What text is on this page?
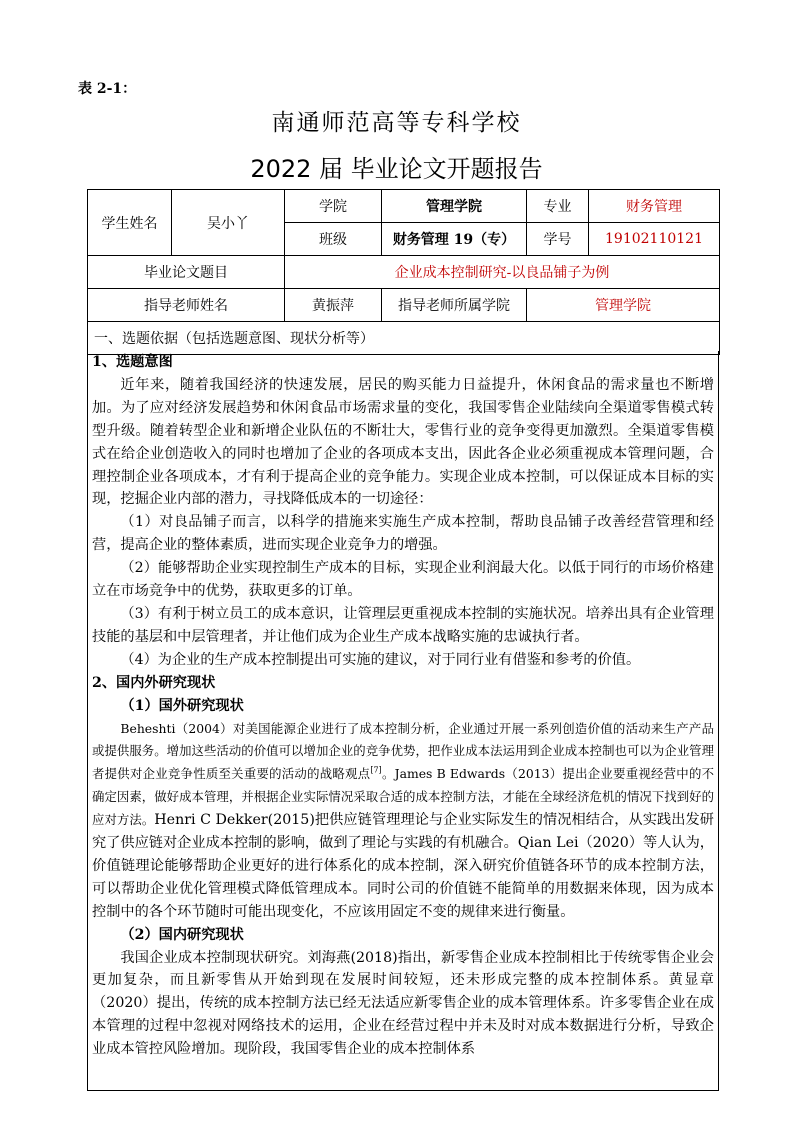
表 2-1：
南通师范高等专科学校
2022 届 毕业论文开题报告
学生姓名	吴小丫	学院	管理学院	专业	财务管理
		班级	财务管理 19（专）	学号	19102110121
毕业论文题目		企业成本控制研究-以良品铺子为例			
指导老师姓名		黄振萍	指导老师所属学院	管理学院	
一、选题依据（包括选题意图、现状分析等）					

1、选题意图

近年来，随着我国经济的快速发展，居民的购买能力日益提升，休闲食品的需求量也不断增加。为了应对经济发展趋势和休闲食品市场需求量的变化，我国零售企业陆续向全渠道零售模式转型升级。随着转型企业和新增企业队伍的不断壮大，零售行业的竞争变得更加激烈。全渠道零售模式在给企业创造收入的同时也增加了企业的各项成本支出，因此各企业必须重视成本管理问题，合理控制企业各项成本，才有利于提高企业的竞争能力。实现企业成本控制，可以保证成本目标的实现，挖掘企业内部的潜力，寻找降低成本的一切途径：

（1）对良品铺子而言，以科学的措施来实施生产成本控制，帮助良品铺子改善经营管理和经营，提高企业的整体素质，进而实现企业竞争力的增强。

（2）能够帮助企业实现控制生产成本的目标，实现企业利润最大化。以低于同行的市场价格建立在市场竞争中的优势，获取更多的订单。

（3）有利于树立员工的成本意识，让管理层更重视成本控制的实施状况。培养出具有企业管理技能的基层和中层管理者，并让他们成为企业生产成本战略实施的忠诚执行者。

（4）为企业的生产成本控制提出可实施的建议，对于同行业有借鉴和参考的价值。

2、国内外研究现状

（1）国外研究现状

Beheshti（2004）对美国能源企业进行了成本控制分析，企业通过开展一系列创造价值的活动来生产产品或提供服务。增加这些活动的价值可以增加企业的竞争优势，把作业成本法运用到企业成本控制也可以为企业管理者提供对企业竞争性质至关重要的活动的战略观点[7]。James B Edwards（2013）提出企业要重视经营中的不确定因素，做好成本管理，并根据企业实际情况采取合适的成本控制方法，才能在全球经济危机的情况下找到好的应对方法。Henri C Dekker(2015)把供应链管理理论与企业实际发生的情况相结合，从实践出发研究了供应链对企业成本控制的影响，做到了理论与实践的有机融合。Qian Lei（2020）等人认为，价值链理论能够帮助企业更好的进行体系化的成本控制，深入研究价值链各环节的成本控制方法，可以帮助企业优化管理模式降低管理成本。同时公司的价值链不能简单的用数据来体现，因为成本控制中的各个环节随时可能出现变化，不应该用固定不变的规律来进行衡量。

（2）国内研究现状

我国企业成本控制现状研究。刘海燕(2018)指出，新零售企业成本控制相比于传统零售企业会更加复杂，而且新零售从开始到现在发展时间较短，还未形成完整的成本控制体系。黄显章（2020）提出，传统的成本控制方法已经无法适应新零售企业的成本管理体系。许多零售企业在成本管理的过程中忽视对网络技术的运用，企业在经营过程中并未及时对成本数据进行分析，导致企业成本管控风险增加。现阶段，我国零售企业的成本控制体系
